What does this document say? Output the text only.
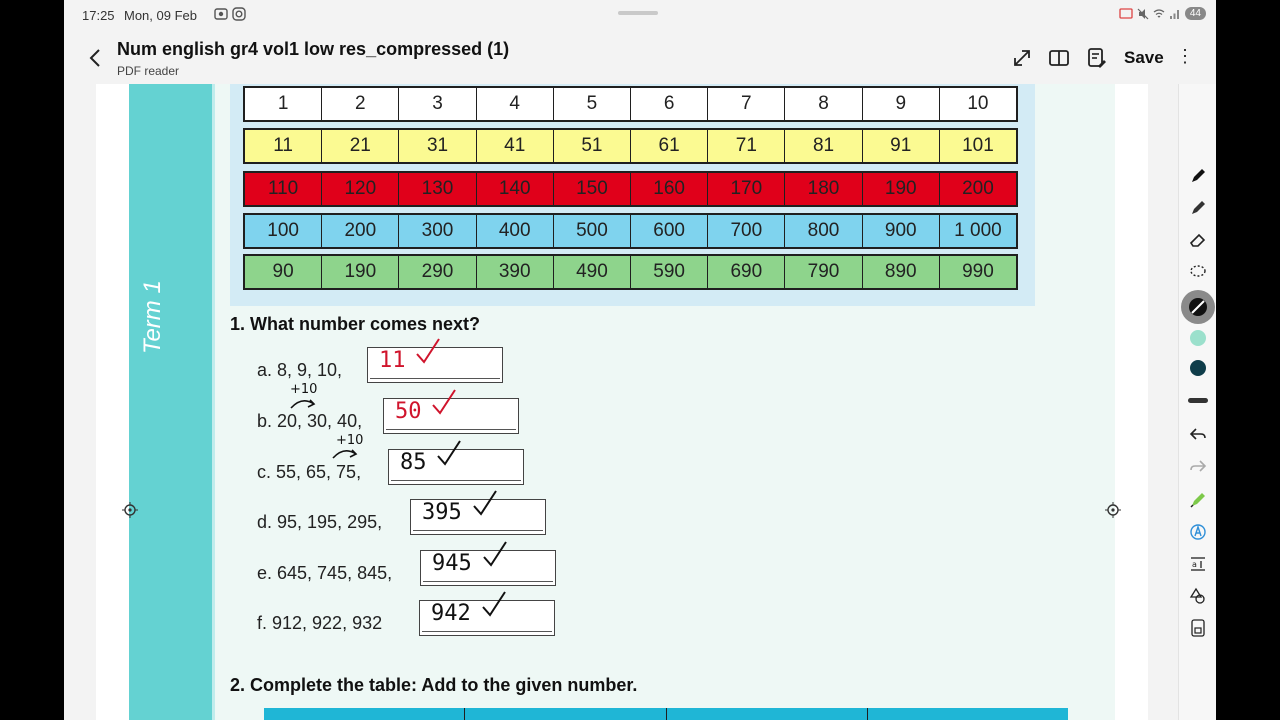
17:25 Mon, 09 Feb	44
Num english gr4 vol1 low res_compressed (1)
PDF reader
Save ⋮
Term 1
1	2	3	4	5	6	7	8	9	10
11	21	31	41	51	61	71	81	91	101
110	120	130	140	150	160	170	180	190	200
100	200	300	400	500	600	700	800	900	1 000
90	190	290	390	490	590	690	790	890	990
1. What number comes next?
a. 8, 9, 10, 11
b. 20, 30, 40, 50
c. 55, 65, 75, 85
d. 95, 195, 295, 395
e. 645, 745, 845, 945
f. 912, 922, 932 942
+10
+10
2. Complete the table: Add to the given number.
a
